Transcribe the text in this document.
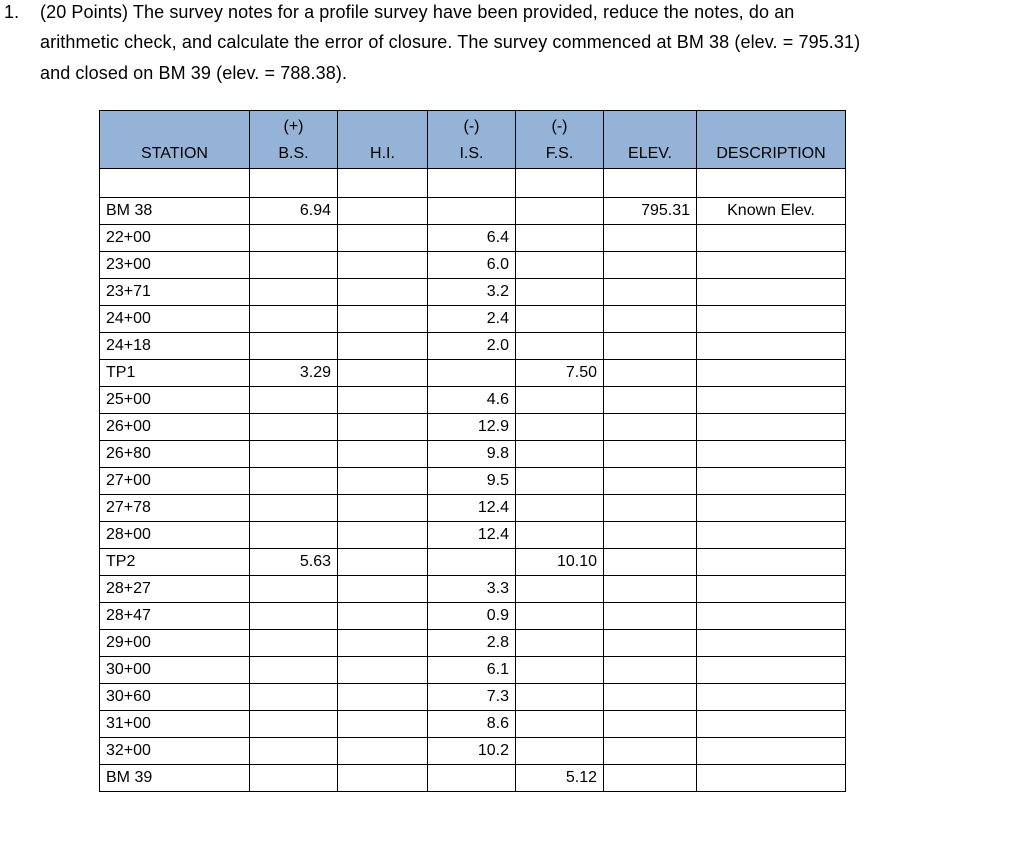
1. (20 Points) The survey notes for a profile survey have been provided, reduce the notes, do an
arithmetic check, and calculate the error of closure. The survey commenced at BM 38 (elev. = 795.31)
and closed on BM 39 (elev. = 788.38).
	(+)		(-)	(-)		
STATION	B.S.	H.I.	I.S.	F.S.	ELEV.	DESCRIPTION

BM 38	6.94				795.31	Known Elev.
22+00			6.4			
23+00			6.0			
23+71			3.2			
24+00			2.4			
24+18			2.0			
TP1	3.29			7.50		
25+00			4.6			
26+00			12.9			
26+80			9.8			
27+00			9.5			
27+78			12.4			
28+00			12.4			
TP2	5.63			10.10		
28+27			3.3			
28+47			0.9			
29+00			2.8			
30+00			6.1			
30+60			7.3			
31+00			8.6			
32+00			10.2			
BM 39				5.12		
